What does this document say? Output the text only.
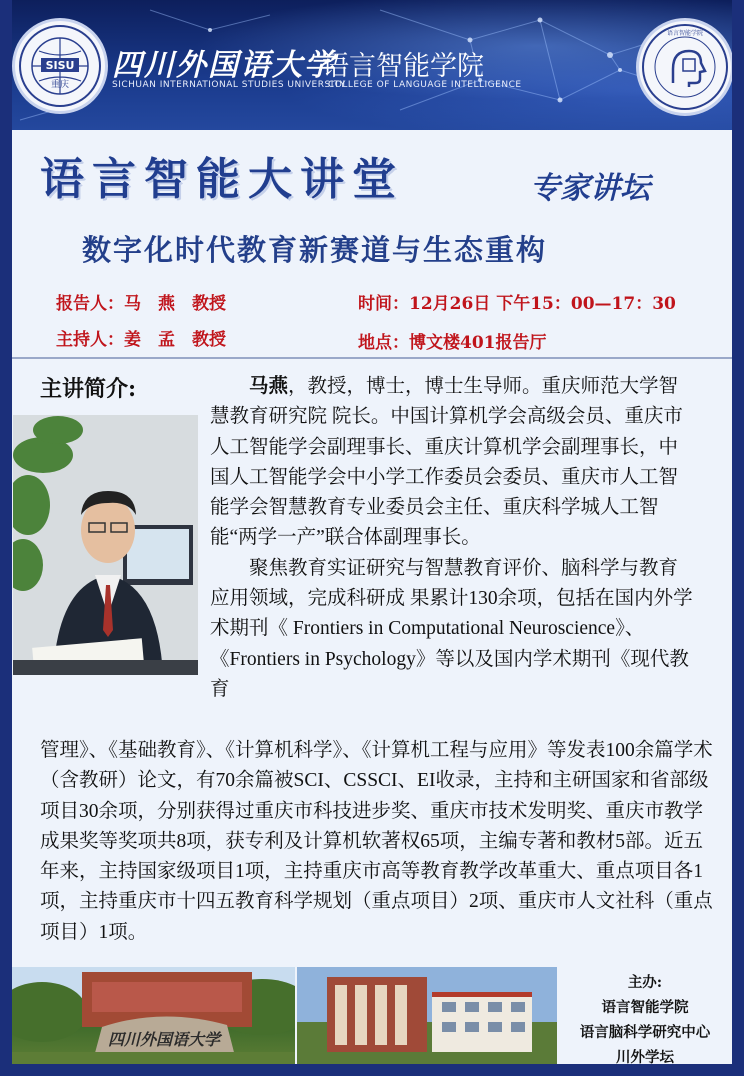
SISU
重庆
四川外国语大学
语言智能学院
SICHUAN INTERNATIONAL STUDIES UNIVERSITY
COLLEGE OF LANGUAGE INTELLIGENCE
语言智能学院
语言智能大讲堂	专家讲坛
数字化时代教育新赛道与生态重构
报告人：马　燕　教授
主持人：姜　孟　教授
时间：12月26日 下午15：00—17：30
地点：博文楼401报告厅
主讲简介:	马燕，教授，博士，博士生导师。重庆师范大学智慧教育研究院 院长。中国计算机学会高级会员、重庆市人工智能学会副理事长、重庆计算机学会副理事长，中国人工智能学会中小学工作委员会委员、重庆市人工智能学会智慧教育专业委员会主任、重庆科学城人工智能“两学一产”联合体副理事长。

聚焦教育实证研究与智慧教育评价、脑科学与教育应用领域，完成科研成 果累计130余项，包括在国内外学术期刊《 Frontiers in Computational Neuroscience》、《Frontiers in Psychology》等以及国内学术期刊《现代教育

管理》、《基础教育》、《计算机科学》、《计算机工程与应用》等发表100余篇学术（含教研）论文，有70余篇被SCI、CSSCI、EI收录，主持和主研国家和省部级项目30余项，分别获得过重庆市科技进步奖、重庆市技术发明奖、重庆市教学成果奖等奖项共8项，获专利及计算机软著权65项，主编专著和教材5部。近五年来，主持国家级项目1项，主持重庆市高等教育教学改革重大、重点项目各1项，主持重庆市十四五教育科学规划（重点项目）2项、重庆市人文社科（重点项目）1项。

四川外国语大学
主办:
语言智能学院
语言脑科学研究中心
川外学坛
